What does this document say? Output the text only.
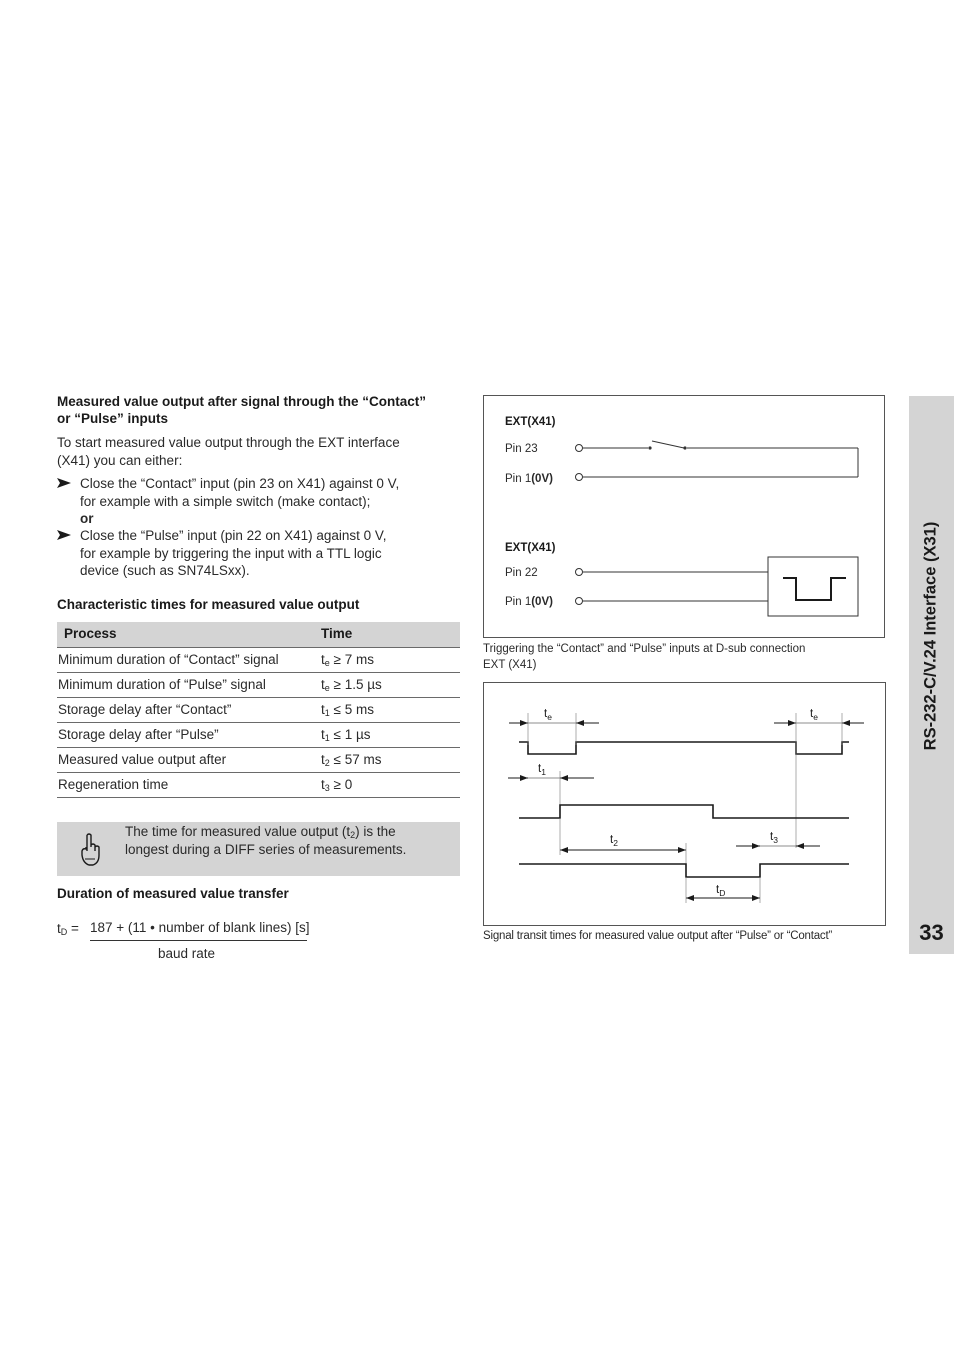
Measured value output after signal through the “Contact”
or “Pulse” inputs
To start measured value output through the EXT interface
(X41) you can either:
Close the “Contact” input (pin 23 on X41) against 0 V,
for example with a simple switch (make contact);
or
Close the “Pulse” input (pin 22 on X41) against 0 V,
for example by triggering the input with a TTL logic
device (such as SN74LSxx).
Characteristic times for measured value output
Process	Time
Minimum duration of “Contact” signal	$t_e \ge 7$ ms
Minimum duration of “Pulse” signal	$t_e \ge 1.5$ µs
Storage delay after “Contact”	$t_1 \le 5$ ms
Storage delay after “Pulse”	$t_1 \le 1$ µs
Measured value output after	$t_2 \le 57$ ms
Regeneration time	$t_3 \ge 0$
The time for measured value output $(t_2)$ is the
longest during a DIFF series of measurements.
Duration of measured value transfer
$t_D = 187 + (11$ • number of blank lines) [s]
baud rate
EXT(X41)
Pin 23
Pin 1(0V)
EXT(X41)
Pin 22
Pin 1(0V)
Triggering the “Contact” and “Pulse” inputs at D-sub connection
EXT (X41)
$t_e$	$t_e$
$t_1$
$t_2$	$t_3$
$t_D$
Signal transit times for measured value output after “Pulse” or “Contact”
RS-232-C/V.24 Interface (X31)
33
